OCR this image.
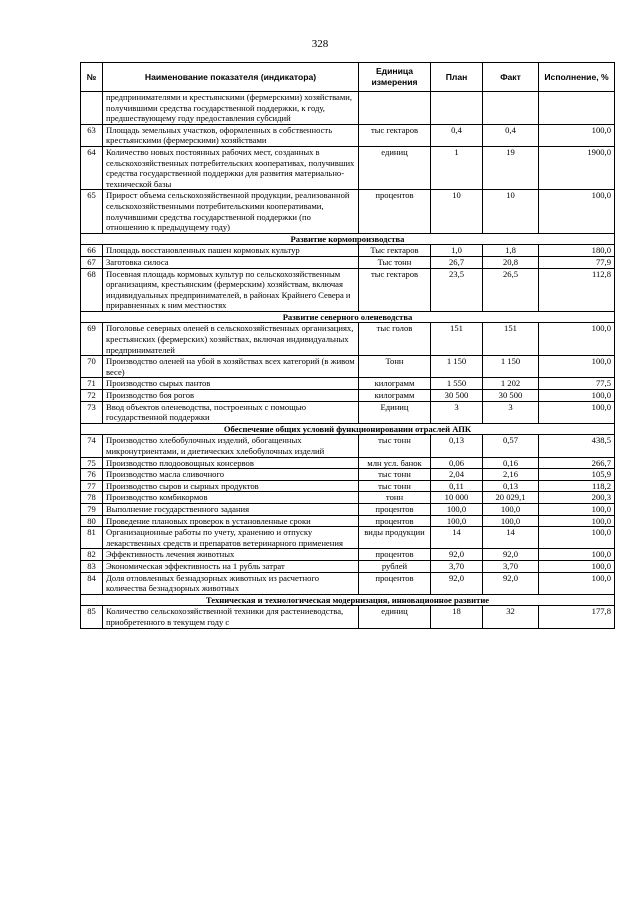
328
№	Наименование показателя (индикатора)	Единица измерения	План	Факт	Исполнение, %
	предпринимателями и крестьянскими (фермерскими) хозяйствами, получившими средства государственной поддержки, к году, предшествующему году предоставления субсидий				
63	Площадь земельных участков, оформленных в собственность крестьянскими (фермерскими) хозяйствами	тыс гектаров	0,4	0,4	100,0
64	Количество новых постоянных рабочих мест, созданных в сельскохозяйственных потребительских кооперативах, получивших средства государственной поддержки для развития материально-технической базы	единиц	1	19	1900,0
65	Прирост объема сельскохозяйственной продукции, реализованной сельскохозяйственными потребительскими кооперативами, получившими средства государственной поддержки (по отношению к предыдущему году)	процентов	10	10	100,0
Развитие кормопроизводства					
66	Площадь восстановленных пашен кормовых культур	Тыс гектаров	1,0	1,8	180,0
67	Заготовка силоса	Тыс тонн	26,7	20,8	77,9
68	Посевная площадь кормовых культур по сельскохозяйственным организациям, крестьянским (фермерским) хозяйствам, включая индивидуальных предпринимателей, в районах Крайнего Севера и приравненных к ним местностях	тыс гектаров	23,5	26,5	112,8
Развитие северного оленеводства					
69	Поголовье северных оленей в сельскохозяйственных организациях, крестьянских (фермерских) хозяйствах, включая индивидуальных предпринимателей	тыс голов	151	151	100,0
70	Производство оленей на убой в хозяйствах всех категорий (в живом весе)	Тонн	1 150	1 150	100,0
71	Производство сырых пантов	килограмм	1 550	1 202	77,5
72	Производство боя рогов	килограмм	30 500	30 500	100,0
73	Ввод объектов оленеводства, построенных с помощью государственной поддержки	Единиц	3	3	100,0
Обеспечение общих условий функционировании отраслей АПК					
74	Производство хлебобулочных изделий, обогащенных микронутриентами, и диетических хлебобулочных изделий	тыс тонн	0,13	0,57	438,5
75	Производство плодоовощных консервов	млн усл. банок	0,06	0,16	266,7
76	Производство масла сливочного	тыс тонн	2,04	2,16	105,9
77	Производство сыров и сырных продуктов	тыс тонн	0,11	0,13	118,2
78	Производство комбикормов	тонн	10 000	20 029,1	200,3
79	Выполнение государственного задания	процентов	100,0	100,0	100,0
80	Проведение плановых проверок в установленные сроки	процентов	100,0	100,0	100,0
81	Организационные работы по учету, хранению и отпуску лекарственных средств и препаратов ветеринарного применения	виды продукции	14	14	100,0
82	Эффективность лечения животных	процентов	92,0	92,0	100,0
83	Экономическая эффективность на 1 рубль затрат	рублей	3,70	3,70	100,0
84	Доля отловленных безнадзорных животных из расчетного количества безнадзорных животных	процентов	92,0	92,0	100,0
Техническая и технологическая модернизация, инновационное развитие					
85	Количество сельскохозяйственной техники для растениеводства, приобретенного в текущем году с	единиц	18	32	177,8
